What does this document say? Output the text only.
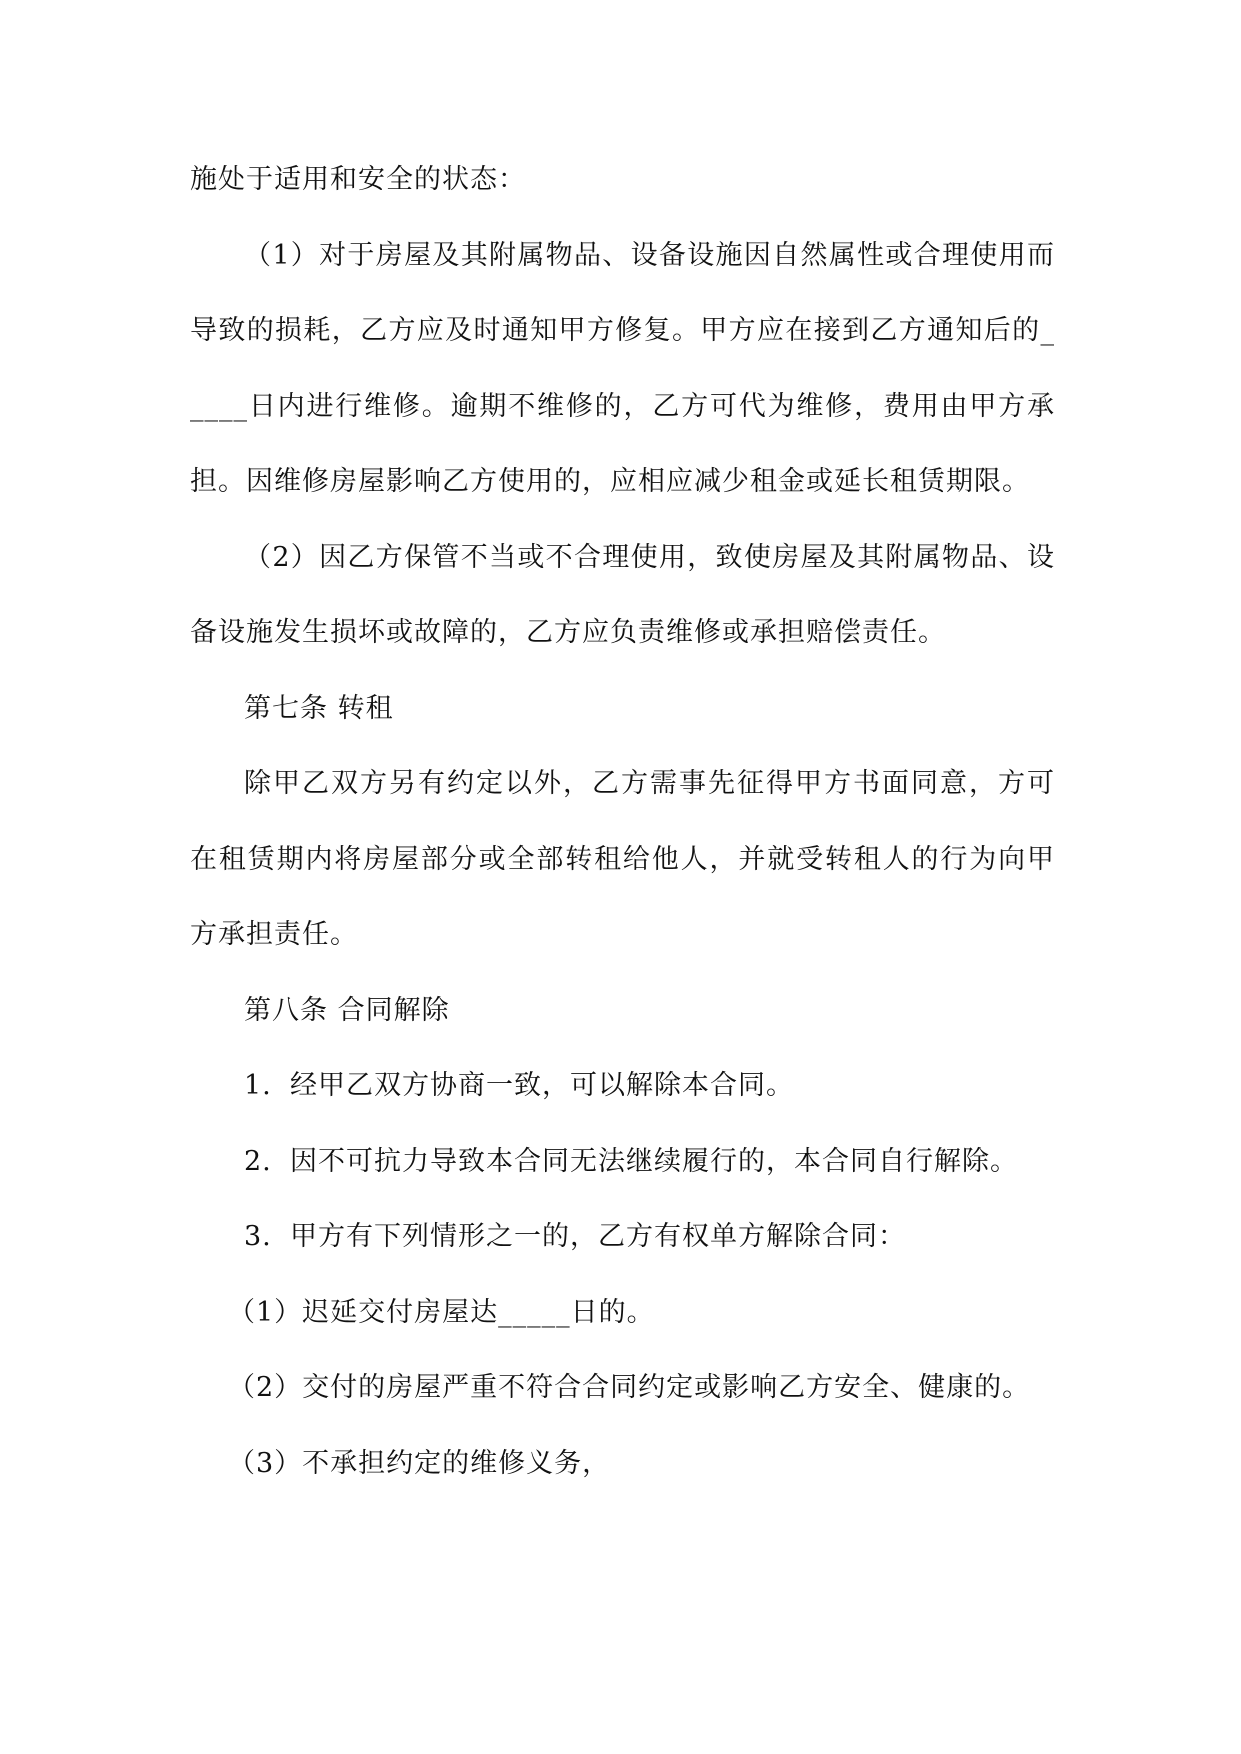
施处于适用和安全的状态：

（1）对于房屋及其附属物品、设备设施因自然属性或合理使用而导致的损耗，乙方应及时通知甲方修复。甲方应在接到乙方通知后的_____日内进行维修。逾期不维修的，乙方可代为维修，费用由甲方承担。因维修房屋影响乙方使用的，应相应减少租金或延长租赁期限。

（2）因乙方保管不当或不合理使用，致使房屋及其附属物品、设备设施发生损坏或故障的，乙方应负责维修或承担赔偿责任。

第七条 转租

除甲乙双方另有约定以外，乙方需事先征得甲方书面同意，方可在租赁期内将房屋部分或全部转租给他人，并就受转租人的行为向甲方承担责任。

第八条 合同解除

1. 经甲乙双方协商一致，可以解除本合同。

2. 因不可抗力导致本合同无法继续履行的，本合同自行解除。

3. 甲方有下列情形之一的，乙方有权单方解除合同：

（1）迟延交付房屋达_____日的。

（2）交付的房屋严重不符合合同约定或影响乙方安全、健康的。

（3）不承担约定的维修义务，
